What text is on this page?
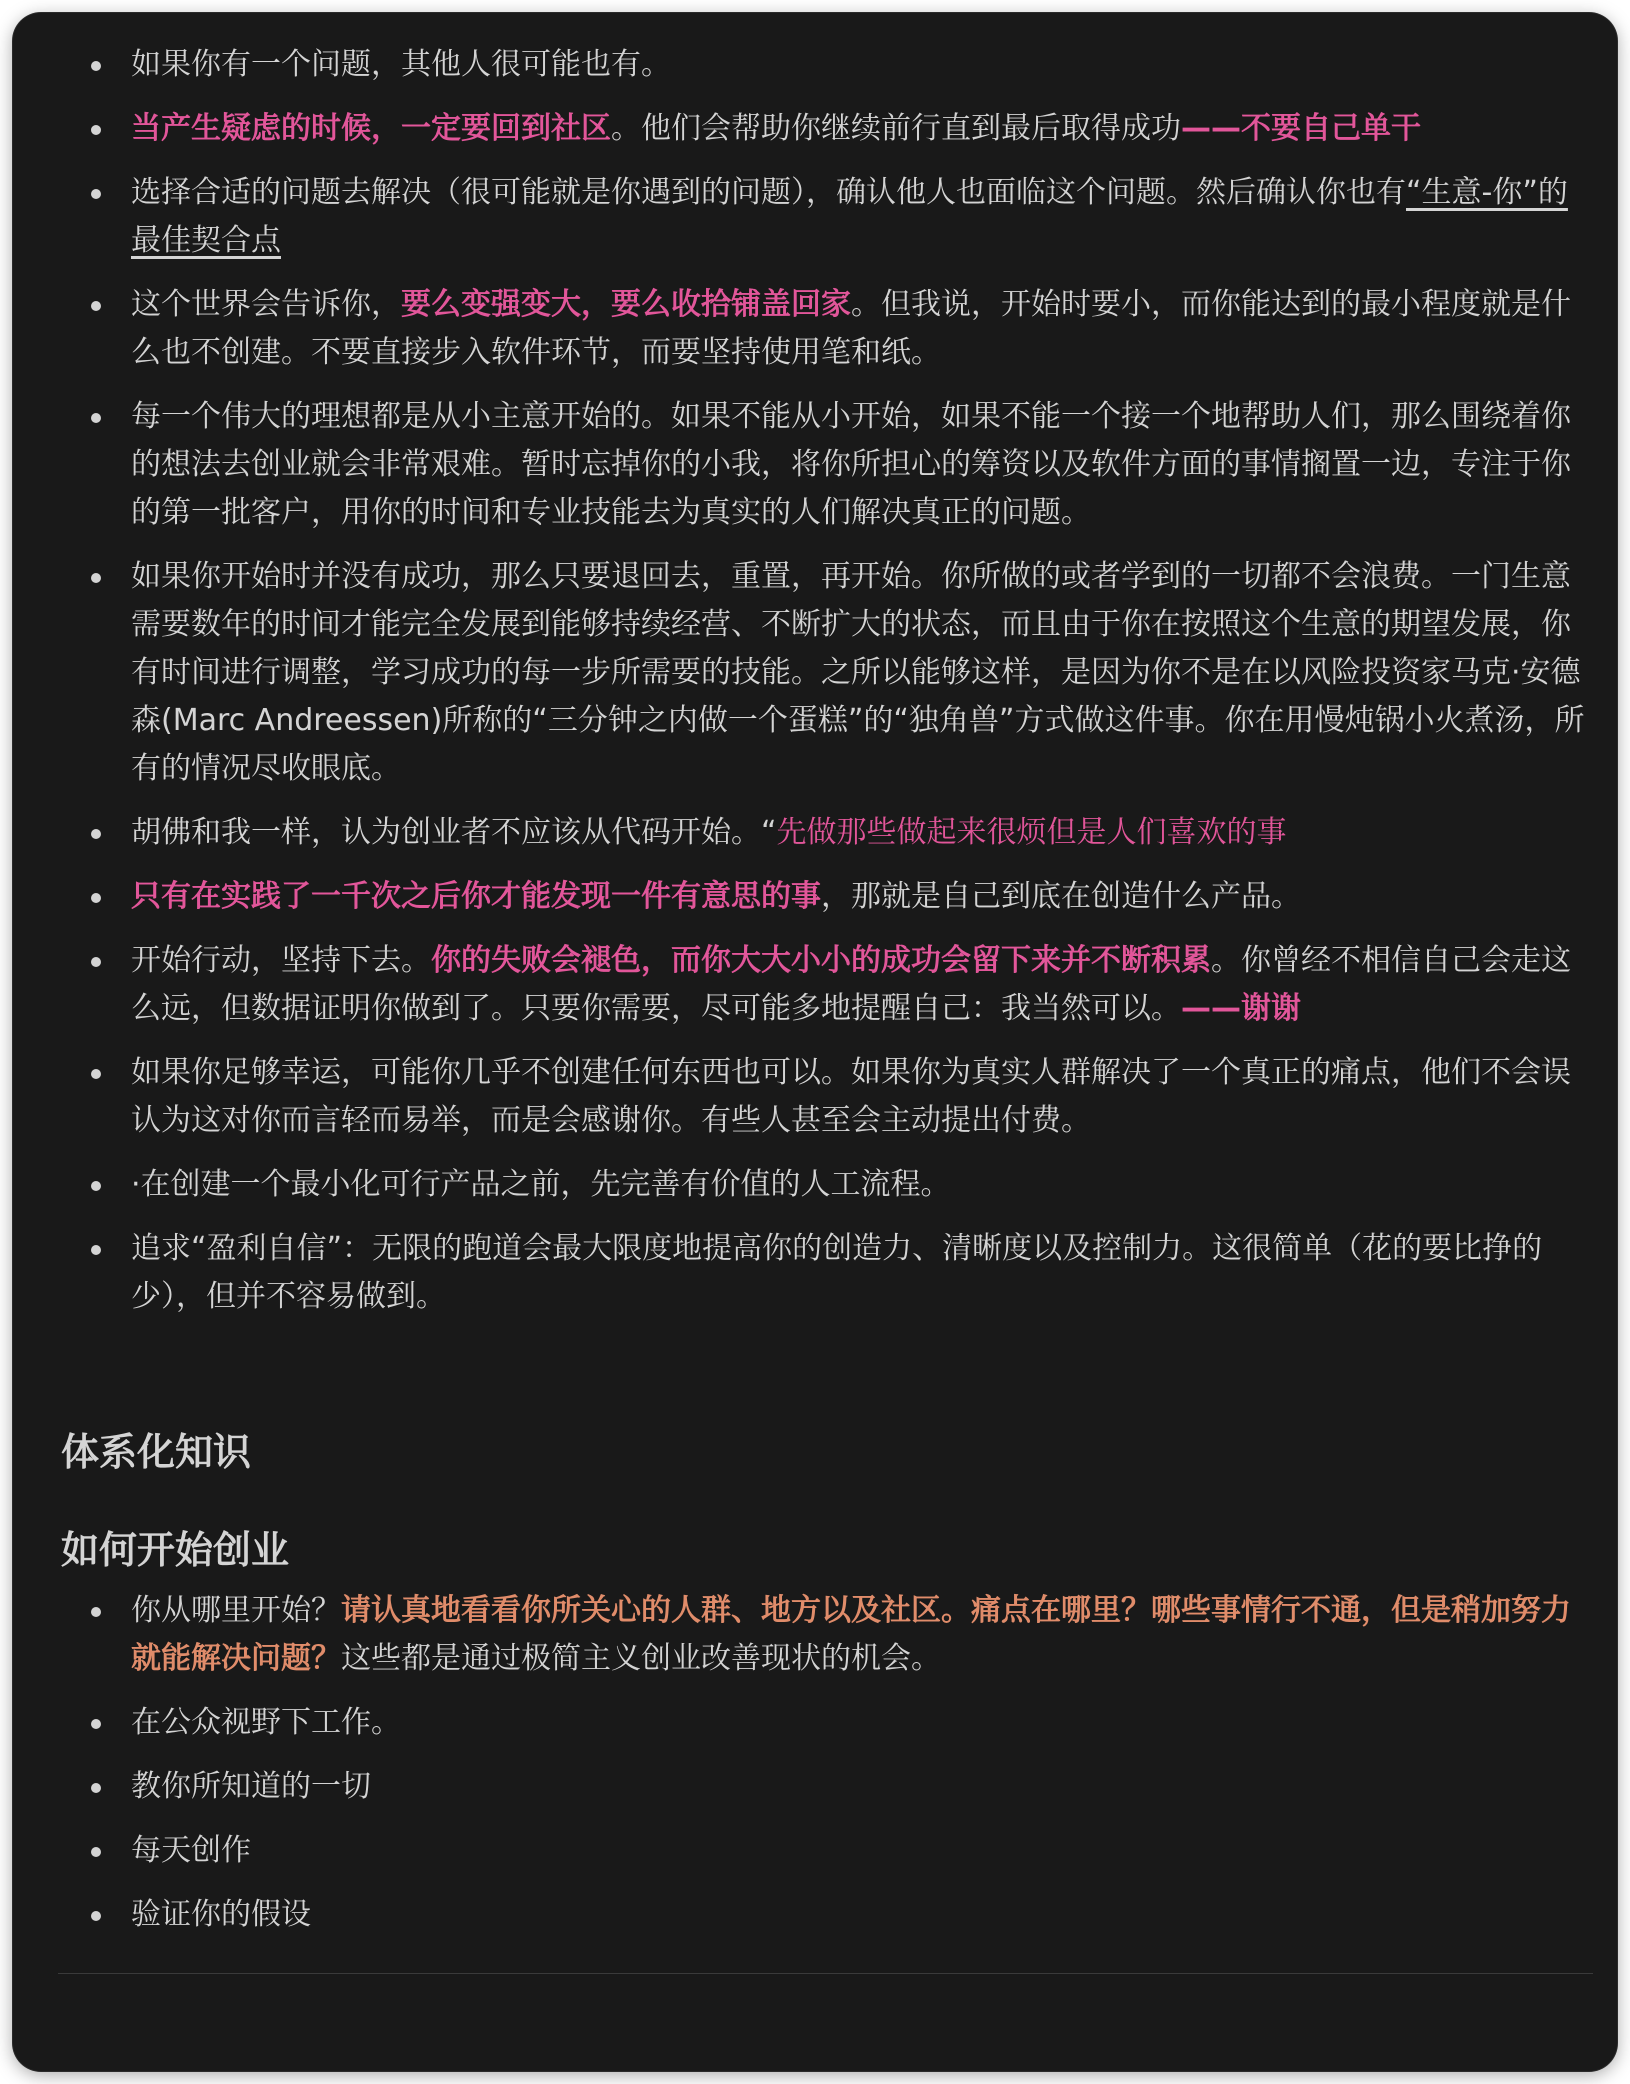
如果你有一个问题，其他人很可能也有。
当产生疑虑的时候，一定要回到社区。他们会帮助你继续前行直到最后取得成功——不要自己单干
选择合适的问题去解决（很可能就是你遇到的问题），确认他人也面临这个问题。然后确认你也有“生意-你”的最佳契合点
这个世界会告诉你，要么变强变大，要么收拾铺盖回家。但我说，开始时要小，而你能达到的最小程度就是什么也不创建。不要直接步入软件环节，而要坚持使用笔和纸。
每一个伟大的理想都是从小主意开始的。如果不能从小开始，如果不能一个接一个地帮助人们，那么围绕着你的想法去创业就会非常艰难。暂时忘掉你的小我，将你所担心的筹资以及软件方面的事情搁置一边，专注于你的第一批客户，用你的时间和专业技能去为真实的人们解决真正的问题。
如果你开始时并没有成功，那么只要退回去，重置，再开始。你所做的或者学到的一切都不会浪费。一门生意需要数年的时间才能完全发展到能够持续经营、不断扩大的状态，而且由于你在按照这个生意的期望发展，你有时间进行调整，学习成功的每一步所需要的技能。之所以能够这样，是因为你不是在以风险投资家马克·安德森(Marc Andreessen)所称的“三分钟之内做一个蛋糕”的“独角兽”方式做这件事。你在用慢炖锅小火煮汤，所有的情况尽收眼底。
胡佛和我一样，认为创业者不应该从代码开始。“先做那些做起来很烦但是人们喜欢的事
只有在实践了一千次之后你才能发现一件有意思的事，那就是自己到底在创造什么产品。
开始行动，坚持下去。你的失败会褪色，而你大大小小的成功会留下来并不断积累。你曾经不相信自己会走这么远，但数据证明你做到了。只要你需要，尽可能多地提醒自己：我当然可以。——谢谢
如果你足够幸运，可能你几乎不创建任何东西也可以。如果你为真实人群解决了一个真正的痛点，他们不会误认为这对你而言轻而易举，而是会感谢你。有些人甚至会主动提出付费。
·在创建一个最小化可行产品之前，先完善有价值的人工流程。
追求“盈利自信”：无限的跑道会最大限度地提高你的创造力、清晰度以及控制力。这很简单（花的要比挣的少），但并不容易做到。
体系化知识
如何开始创业
你从哪里开始？请认真地看看你所关心的人群、地方以及社区。痛点在哪里？哪些事情行不通，但是稍加努力就能解决问题？这些都是通过极简主义创业改善现状的机会。
在公众视野下工作。
教你所知道的一切
每天创作
验证你的假设
